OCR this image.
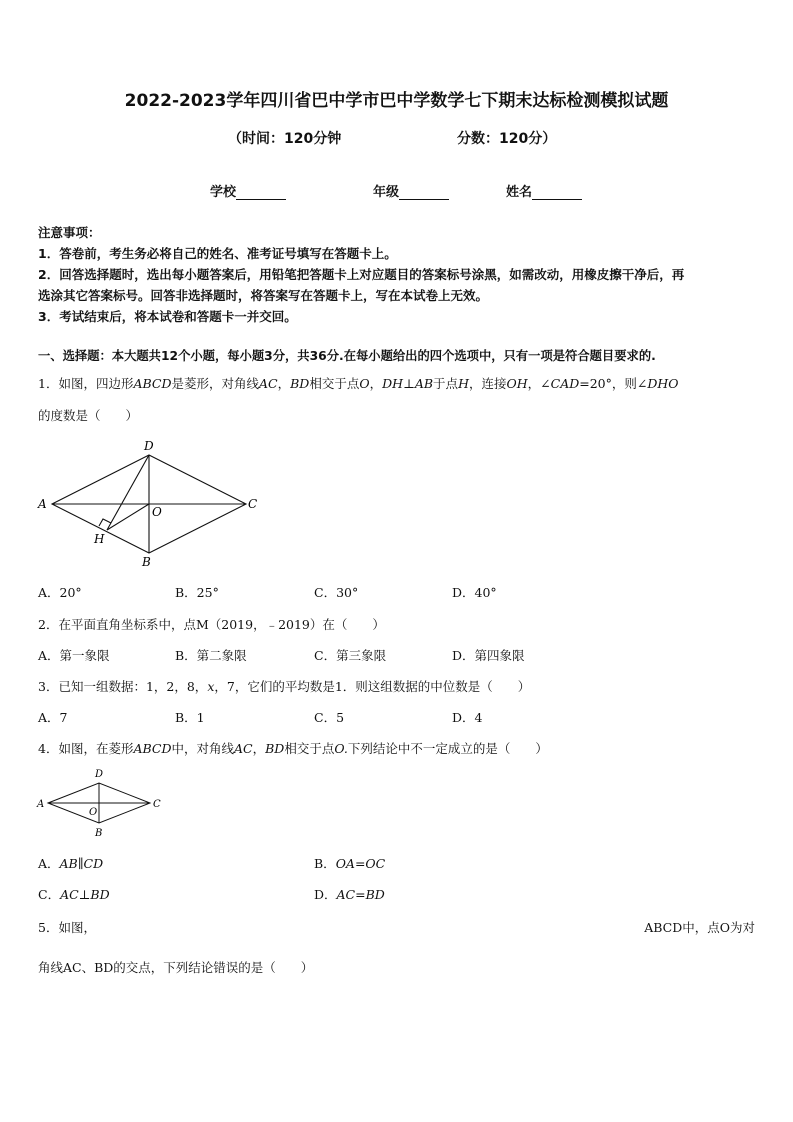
2022-2023学年四川省巴中学市巴中学数学七下期末达标检测模拟试题
（时间：120分钟	分数：120分）
学校	年级	姓名
注意事项：
1．答卷前，考生务必将自己的姓名、准考证号填写在答题卡上。
2．回答选择题时，选出每小题答案后，用铅笔把答题卡上对应题目的答案标号涂黑，如需改动，用橡皮擦干净后，再
选涂其它答案标号。回答非选择题时，将答案写在答题卡上，写在本试卷上无效。
3．考试结束后，将本试卷和答题卡一并交回。
一、选择题：本大题共12个小题，每小题3分，共36分.在每小题给出的四个选项中，只有一项是符合题目要求的.
1．如图，四边形ABCD是菱形，对角线AC，BD相交于点O，DH⊥AB于点H，连接OH，∠CAD=20°，则∠DHO
的度数是（　　）
A
D
C
B
O
H
A．20°	B．25°	C．30°	D．40°
2．在平面直角坐标系中，点M（2019，﹣2019）在（　　）
A．第一象限	B．第二象限	C．第三象限	D．第四象限
3．已知一组数据：1，2，8，x，7，它们的平均数是1．则这组数据的中位数是（　　）
A．7	B．1	C．5	D．4
4．如图，在菱形ABCD中，对角线AC，BD相交于点O.下列结论中不一定成立的是（　　）
A
D
C
B
O
A．AB∥CD	B．OA=OC
C．AC⊥BD	D．AC=BD
5．如图，	ABCD中，点O为对
角线AC、BD的交点，下列结论错误的是（　　）
